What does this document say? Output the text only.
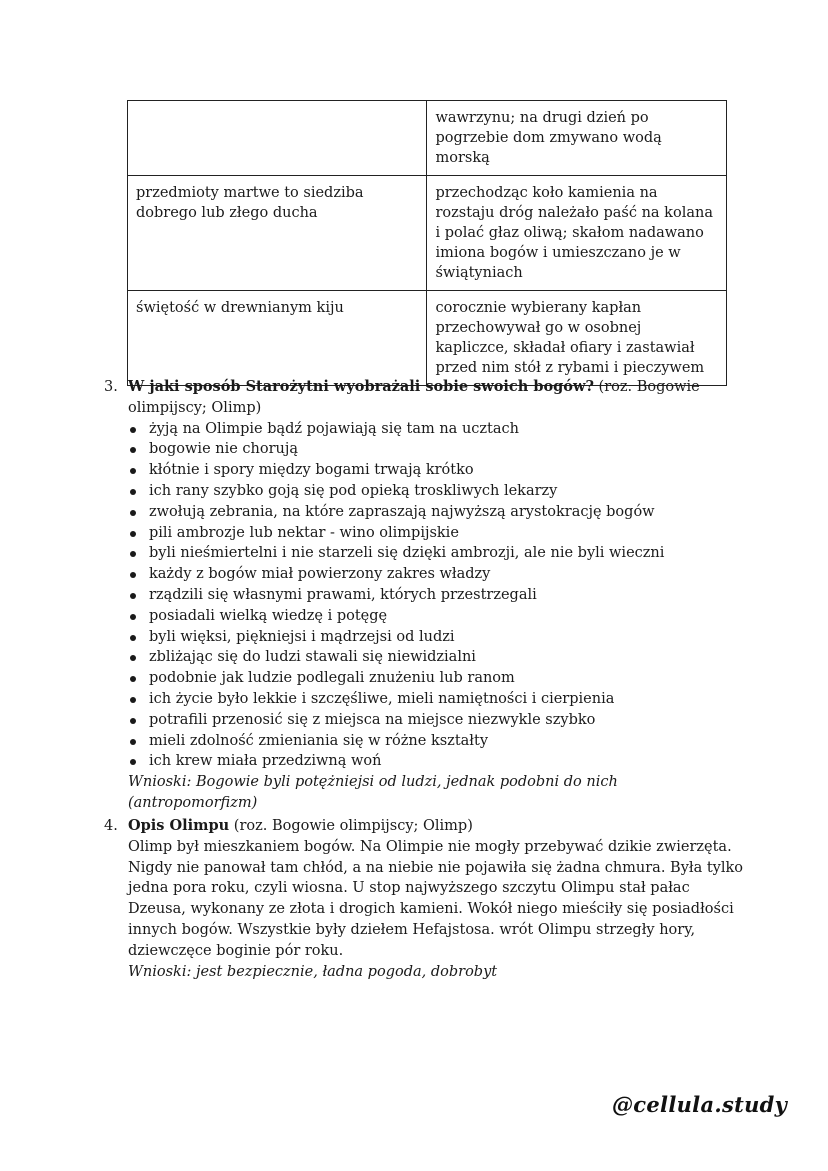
	wawrzynu; na drugi dzień po pogrzebie dom zmywano wodą morską
przedmioty martwe to siedziba dobrego lub złego ducha	przechodząc koło kamienia na rozstaju dróg należało paść na kolana i polać głaz oliwą; skałom nadawano imiona bogów i umieszczano je w świątyniach
świętość w drewnianym kiju	corocznie wybierany kapłan przechowywał go w osobnej kapliczce, składał ofiary i zastawiał przed nim stół z rybami i pieczywem
3. W jaki sposób Starożytni wyobrażali sobie swoich bogów? (roz. Bogowie olimpijscy; Olimp)
żyją na Olimpie bądź pojawiają się tam na ucztach
bogowie nie chorują
kłótnie i spory między bogami trwają krótko
ich rany szybko goją się pod opieką troskliwych lekarzy
zwołują zebrania, na które zapraszają najwyższą arystokrację bogów
pili ambrozje lub nektar - wino olimpijskie
byli nieśmiertelni i nie starzeli się dzięki ambrozji, ale nie byli wieczni
każdy z bogów miał powierzony zakres władzy
rządzili się własnymi prawami, których przestrzegali
posiadali wielką wiedzę i potęgę
byli więksi, piękniejsi i mądrzejsi od ludzi
zbliżając się do ludzi stawali się niewidzialni
podobnie jak ludzie podlegali znużeniu lub ranom
ich życie było lekkie i szczęśliwe, mieli namiętności i cierpienia
potrafili przenosić się z miejsca na miejsce niezwykle szybko
mieli zdolność zmieniania się w różne kształty
ich krew miała przedziwną woń
Wnioski: Bogowie byli potężniejsi od ludzi, jednak podobni do nich (antropomorfizm)
4. Opis Olimpu (roz. Bogowie olimpijscy; Olimp)
Olimp był mieszkaniem bogów. Na Olimpie nie mogły przebywać dzikie zwierzęta. Nigdy nie panował tam chłód, a na niebie nie pojawiła się żadna chmura. Była tylko jedna pora roku, czyli wiosna. U stop najwyższego szczytu Olimpu stał pałac Dzeusa, wykonany ze złota i drogich kamieni. Wokół niego mieściły się posiadłości innych bogów. Wszystkie były dziełem Hefajstosa. wrót Olimpu strzegły hory, dziewczęce boginie pór roku.
Wnioski: jest bezpiecznie, ładna pogoda, dobrobyt
@cellula.study
